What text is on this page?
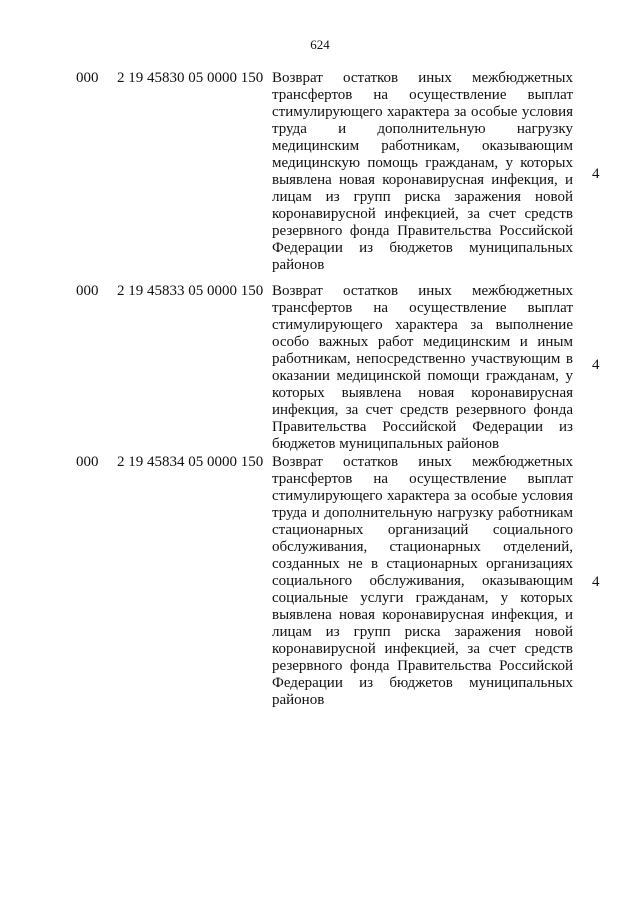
624
000 2 19 45830 05 0000 150 Возврат остатков иных межбюджетных трансфертов на осуществление выплат стимулирующего характера за особые условия труда и дополнительную нагрузку медицинским работникам, оказывающим медицинскую помощь гражданам, у которых выявлена новая коронавирусная инфекция, и лицам из групп риска заражения новой коронавирусной инфекцией, за счет средств резервного фонда Правительства Российской Федерации из бюджетов муниципальных районов
4
000 2 19 45833 05 0000 150 Возврат остатков иных межбюджетных трансфертов на осуществление выплат стимулирующего характера за выполнение особо важных работ медицинским и иным работникам, непосредственно участвующим в оказании медицинской помощи гражданам, у которых выявлена новая коронавирусная инфекция, за счет средств резервного фонда Правительства Российской Федерации из бюджетов муниципальных районов
4
000 2 19 45834 05 0000 150 Возврат остатков иных межбюджетных трансфертов на осуществление выплат стимулирующего характера за особые условия труда и дополнительную нагрузку работникам стационарных организаций социального обслуживания, стационарных отделений, созданных не в стационарных организациях социального обслуживания, оказывающим социальные услуги гражданам, у которых выявлена новая коронавирусная инфекция, и лицам из групп риска заражения новой коронавирусной инфекцией, за счет средств резервного фонда Правительства Российской Федерации из бюджетов муниципальных районов
4
